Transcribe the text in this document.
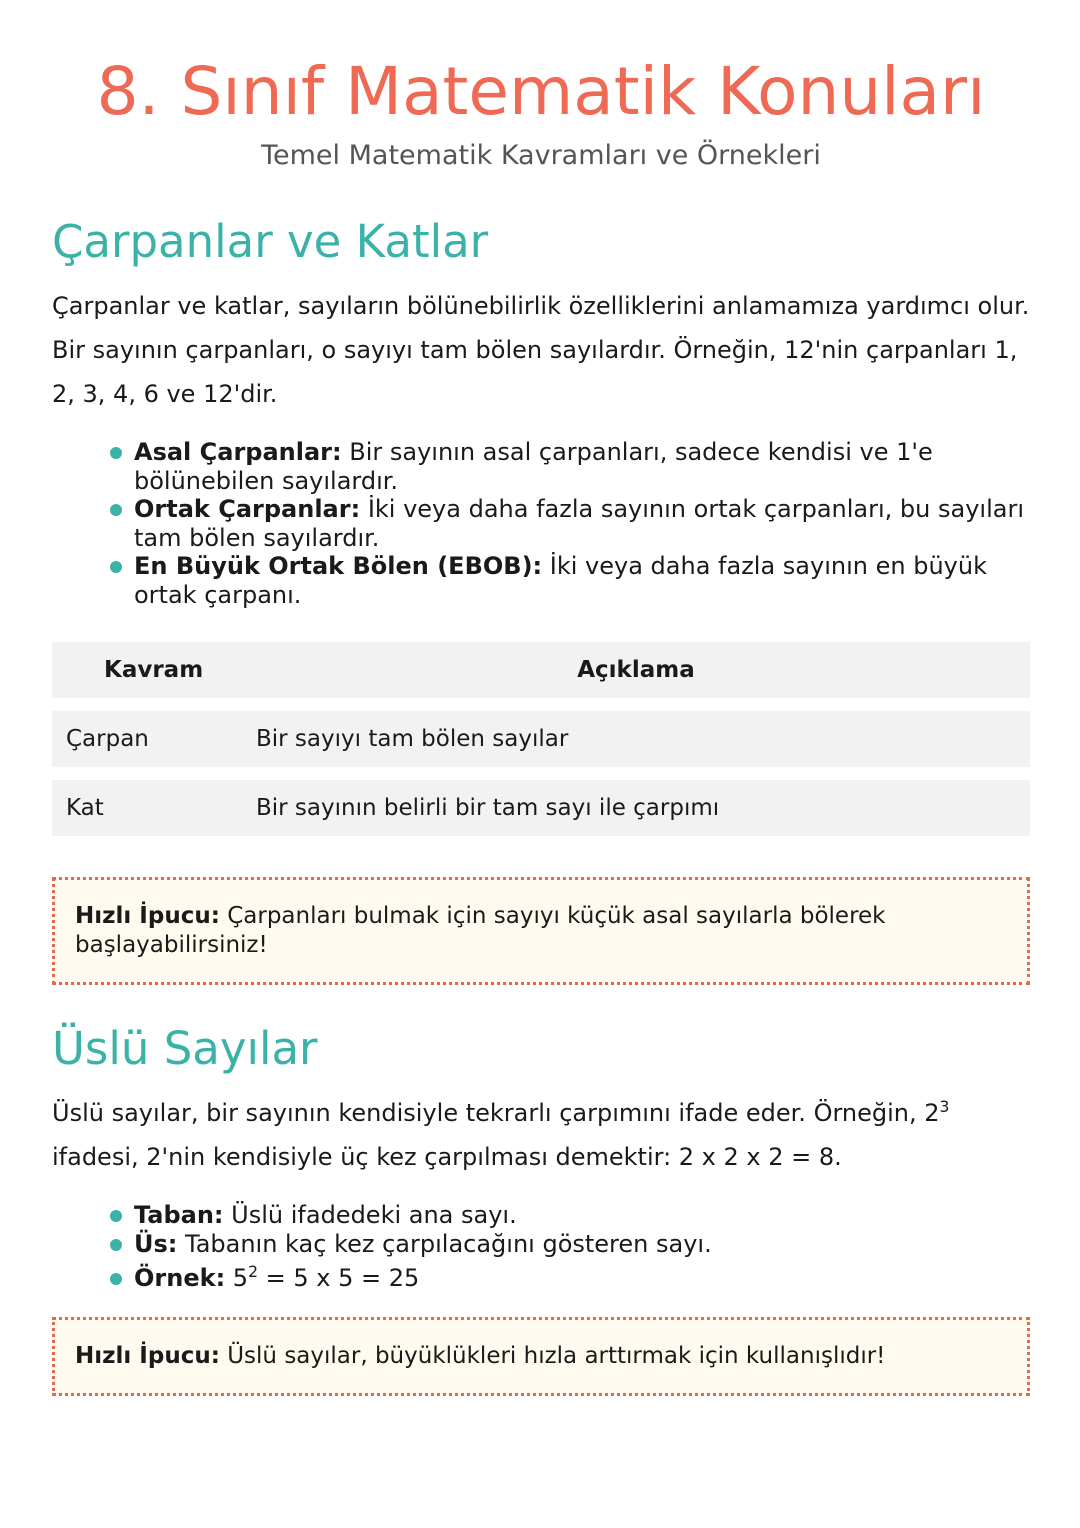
8. Sınıf Matematik Konuları
Temel Matematik Kavramları ve Örnekleri
Çarpanlar ve Katlar

Çarpanlar ve katlar, sayıların bölünebilirlik özelliklerini anlamamıza yardımcı olur. Bir sayının çarpanları, o sayıyı tam bölen sayılardır. Örneğin, 12'nin çarpanları 1, 2, 3, 4, 6 ve 12'dir.

Asal Çarpanlar: Bir sayının asal çarpanları, sadece kendisi ve 1'e bölünebilen sayılardır.
Ortak Çarpanlar: İki veya daha fazla sayının ortak çarpanları, bu sayıları tam bölen sayılardır.
En Büyük Ortak Bölen (EBOB): İki veya daha fazla sayının en büyük ortak çarpanı.
Kavram	Açıklama
Çarpan	Bir sayıyı tam bölen sayılar
Kat	Bir sayının belirli bir tam sayı ile çarpımı
Hızlı İpucu: Çarpanları bulmak için sayıyı küçük asal sayılarla bölerek başlayabilirsiniz!
Üslü Sayılar

Üslü sayılar, bir sayının kendisiyle tekrarlı çarpımını ifade eder. Örneğin, $2^3$ ifadesi, 2'nin kendisiyle üç kez çarpılması demektir: 2 x 2 x 2 = 8.

Taban: Üslü ifadedeki ana sayı.
Üs: Tabanın kaç kez çarpılacağını gösteren sayı.
Örnek: $5^2 = 5$ x 5 = 25
Hızlı İpucu: Üslü sayılar, büyüklükleri hızla arttırmak için kullanışlıdır!
